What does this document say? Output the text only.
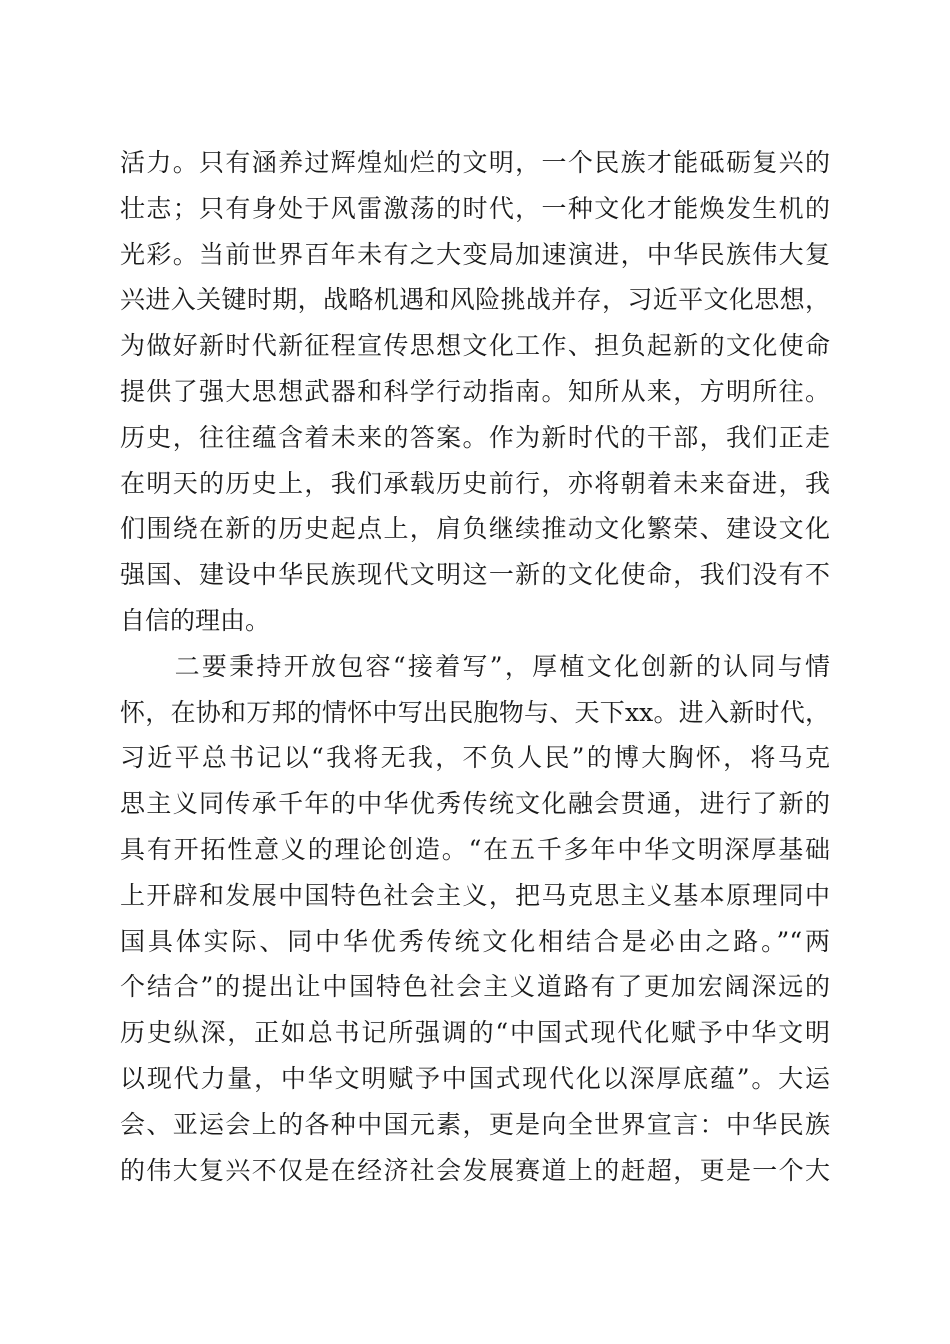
活力。只有涵养过辉煌灿烂的文明，一个民族才能砥砺复兴的
壮志；只有身处于风雷激荡的时代，一种文化才能焕发生机的
光彩。当前世界百年未有之大变局加速演进，中华民族伟大复
兴进入关键时期，战略机遇和风险挑战并存，习近平文化思想，
为做好新时代新征程宣传思想文化工作、担负起新的文化使命
提供了强大思想武器和科学行动指南。知所从来，方明所往。
历史，往往蕴含着未来的答案。作为新时代的干部，我们正走
在明天的历史上，我们承载历史前行，亦将朝着未来奋进，我
们围绕在新的历史起点上，肩负继续推动文化繁荣、建设文化
强国、建设中华民族现代文明这一新的文化使命，我们没有不
自信的理由。
　　二要秉持开放包容“接着写”，厚植文化创新的认同与情
怀，在协和万邦的情怀中写出民胞物与、天下xx。进入新时代，
习近平总书记以“我将无我，不负人民”的博大胸怀，将马克
思主义同传承千年的中华优秀传统文化融会贯通，进行了新的
具有开拓性意义的理论创造。“在五千多年中华文明深厚基础
上开辟和发展中国特色社会主义，把马克思主义基本原理同中
国具体实际、同中华优秀传统文化相结合是必由之路。”“两
个结合”的提出让中国特色社会主义道路有了更加宏阔深远的
历史纵深，正如总书记所强调的“中国式现代化赋予中华文明
以现代力量，中华文明赋予中国式现代化以深厚底蕴”。大运
会、亚运会上的各种中国元素，更是向全世界宣言：中华民族
的伟大复兴不仅是在经济社会发展赛道上的赶超，更是一个大
